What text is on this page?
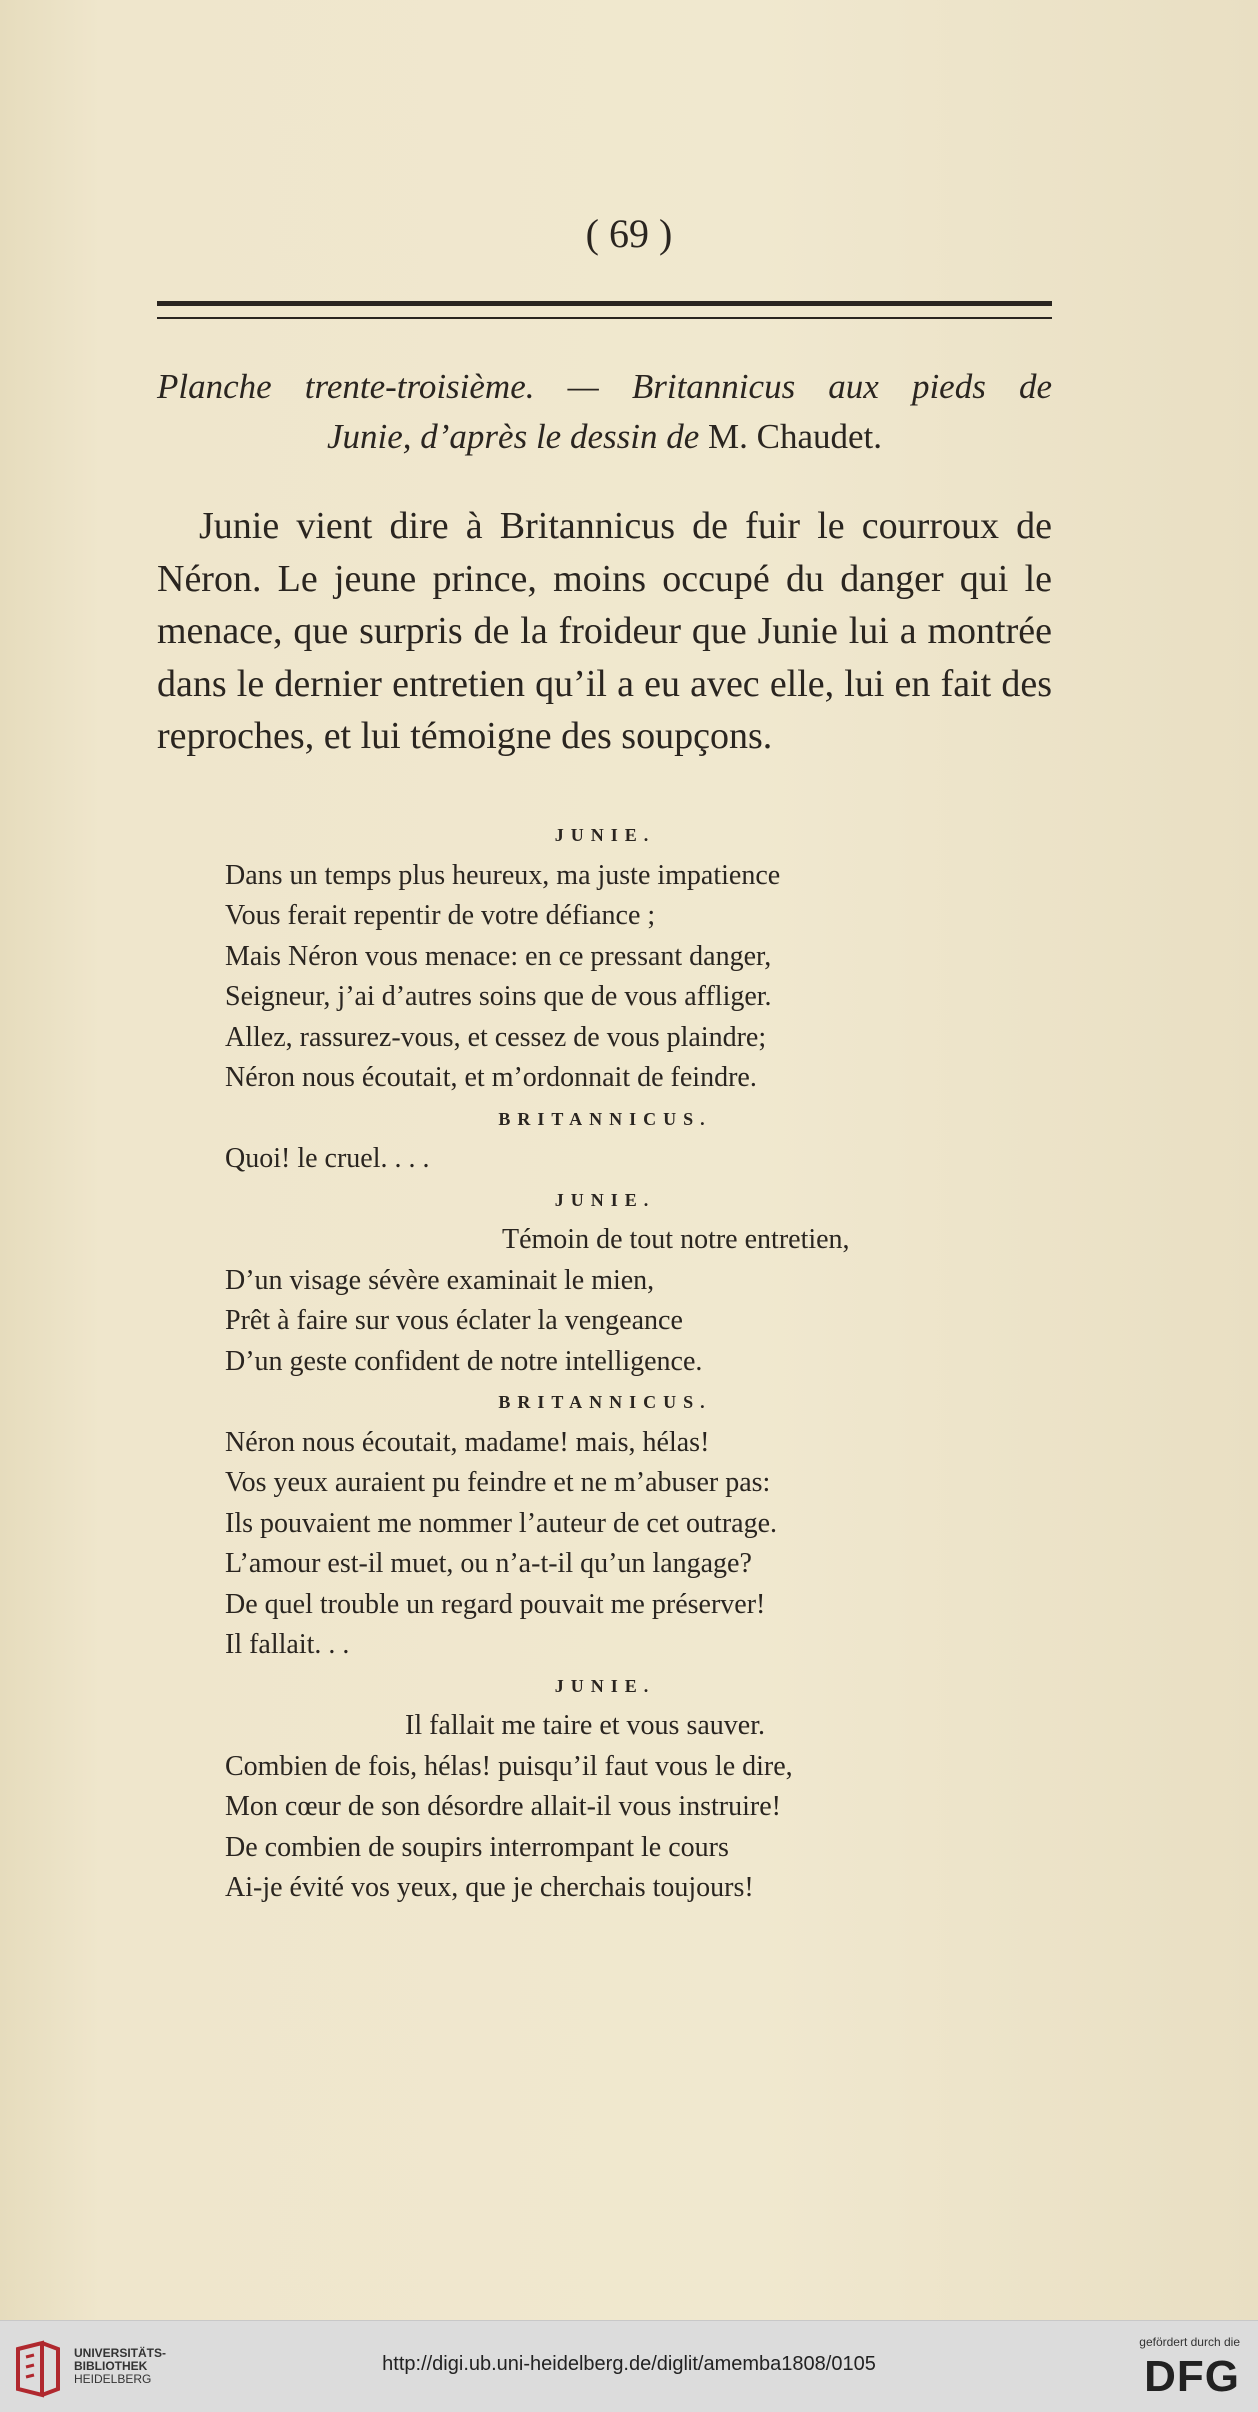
( 69 )
Planche trente-troisième. — Britannicus aux pieds de
Junie, d’après le dessin de M. Chaudet.

Junie vient dire à Britannicus de fuir le courroux de Néron. Le jeune prince, moins occupé du danger qui le menace, que surpris de la froideur que Junie lui a montrée dans le dernier entretien qu’il a eu avec elle, lui en fait des reproches, et lui témoigne des soupçons.

JUNIE.
Dans un temps plus heureux, ma juste impatience
Vous ferait repentir de votre défiance ;
Mais Néron vous menace: en ce pressant danger,
Seigneur, j’ai d’autres soins que de vous affliger.
Allez, rassurez-vous, et cessez de vous plaindre;
Néron nous écoutait, et m’ordonnait de feindre.
BRITANNICUS.
Quoi! le cruel. . . .
JUNIE.
Témoin de tout notre entretien,
D’un visage sévère examinait le mien,
Prêt à faire sur vous éclater la vengeance
D’un geste confident de notre intelligence.
BRITANNICUS.
Néron nous écoutait, madame! mais, hélas!
Vos yeux auraient pu feindre et ne m’abuser pas:
Ils pouvaient me nommer l’auteur de cet outrage.
L’amour est-il muet, ou n’a-t-il qu’un langage?
De quel trouble un regard pouvait me préserver!
Il fallait. . .
JUNIE.
Il fallait me taire et vous sauver.
Combien de fois, hélas! puisqu’il faut vous le dire,
Mon cœur de son désordre allait-il vous instruire!
De combien de soupirs interrompant le cours
Ai-je évité vos yeux, que je cherchais toujours!
UNIVERSITÄTS-
BIBLIOTHEK
HEIDELBERG
http://digi.ub.uni-heidelberg.de/diglit/amemba1808/0105
gefördert durch die
DFG
